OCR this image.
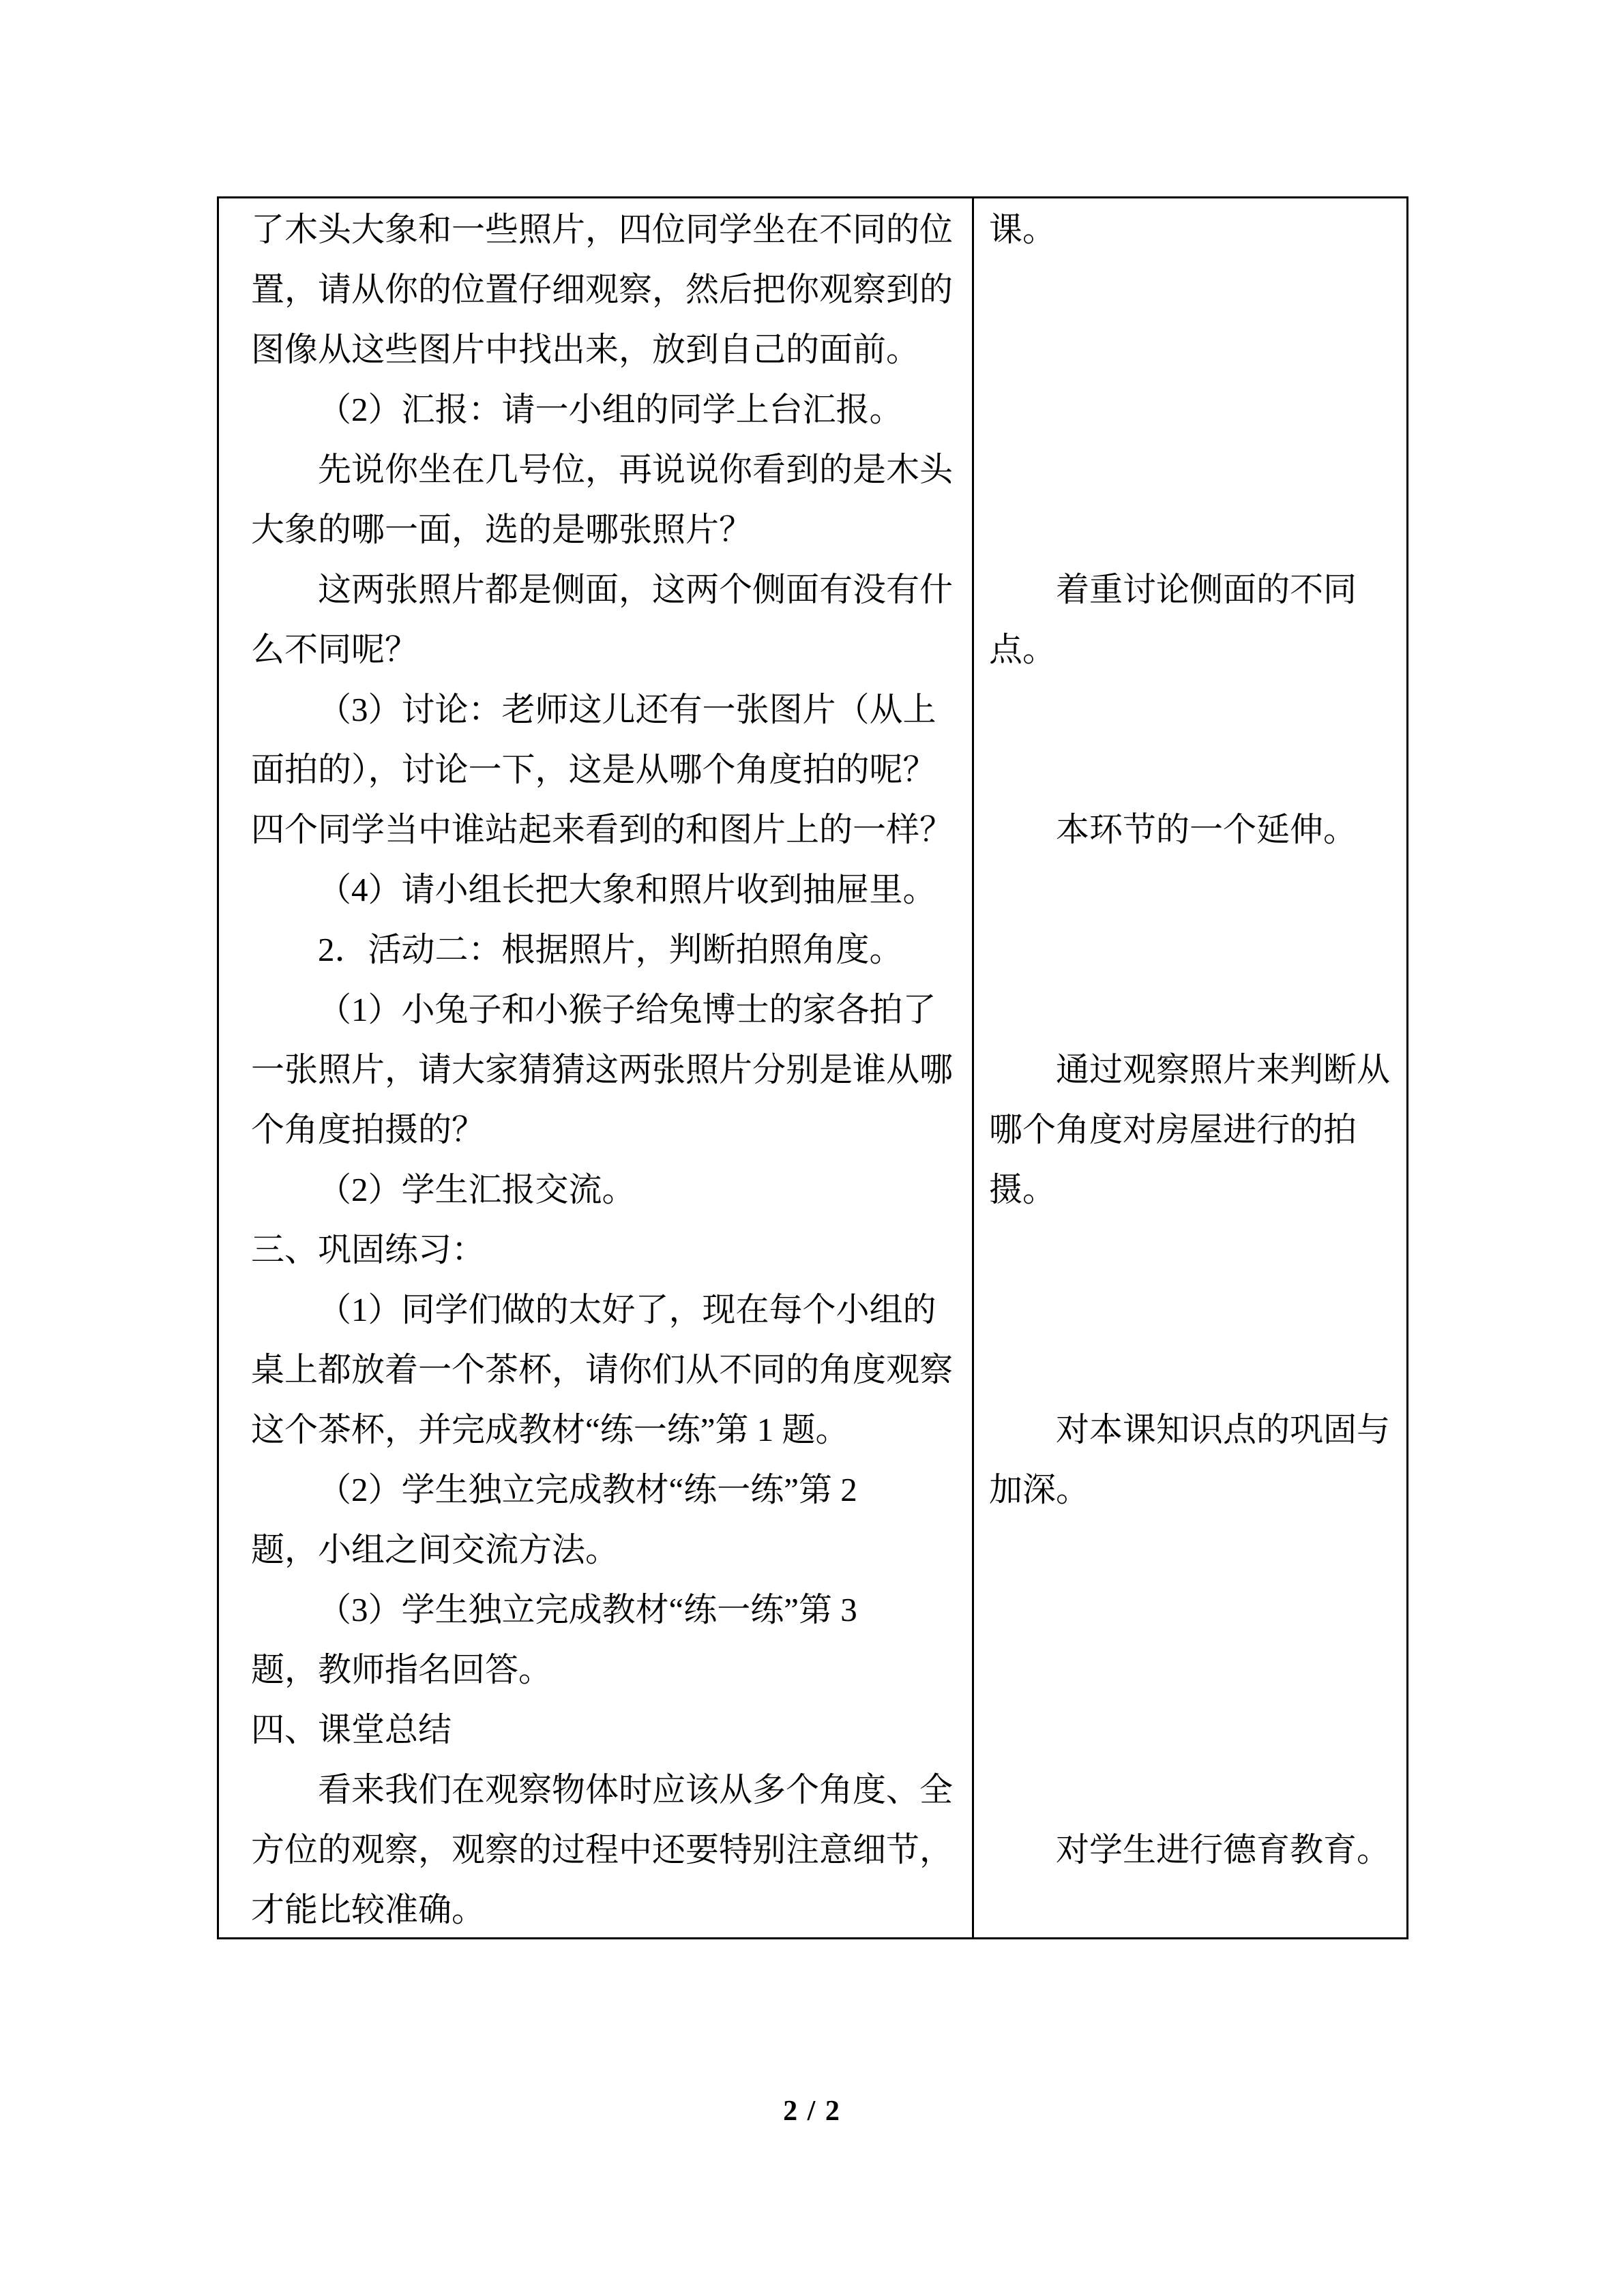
了木头大象和一些照片，四位同学坐在不同的位
置，请从你的位置仔细观察，然后把你观察到的
图像从这些图片中找出来，放到自己的面前。
（2）汇报：请一小组的同学上台汇报。
先说你坐在几号位，再说说你看到的是木头
大象的哪一面，选的是哪张照片？
这两张照片都是侧面，这两个侧面有没有什
么不同呢？
（3）讨论：老师这儿还有一张图片（从上
面拍的），讨论一下，这是从哪个角度拍的呢？
四个同学当中谁站起来看到的和图片上的一样？
（4）请小组长把大象和照片收到抽屉里。
2．活动二：根据照片，判断拍照角度。
（1）小兔子和小猴子给兔博士的家各拍了
一张照片，请大家猜猜这两张照片分别是谁从哪
个角度拍摄的？
（2）学生汇报交流。
三、巩固练习：
（1）同学们做的太好了，现在每个小组的
桌上都放着一个茶杯，请你们从不同的角度观察
这个茶杯，并完成教材“练一练”第 1 题。
（2）学生独立完成教材“练一练”第 2
题，小组之间交流方法。
（3）学生独立完成教材“练一练”第 3
题，教师指名回答。
四、课堂总结
看来我们在观察物体时应该从多个角度、全
方位的观察，观察的过程中还要特别注意细节，
才能比较准确。
课。
着重讨论侧面的不同
点。
本环节的一个延伸。
通过观察照片来判断从
哪个角度对房屋进行的拍
摄。
对本课知识点的巩固与
加深。
对学生进行德育教育。
2 / 2
